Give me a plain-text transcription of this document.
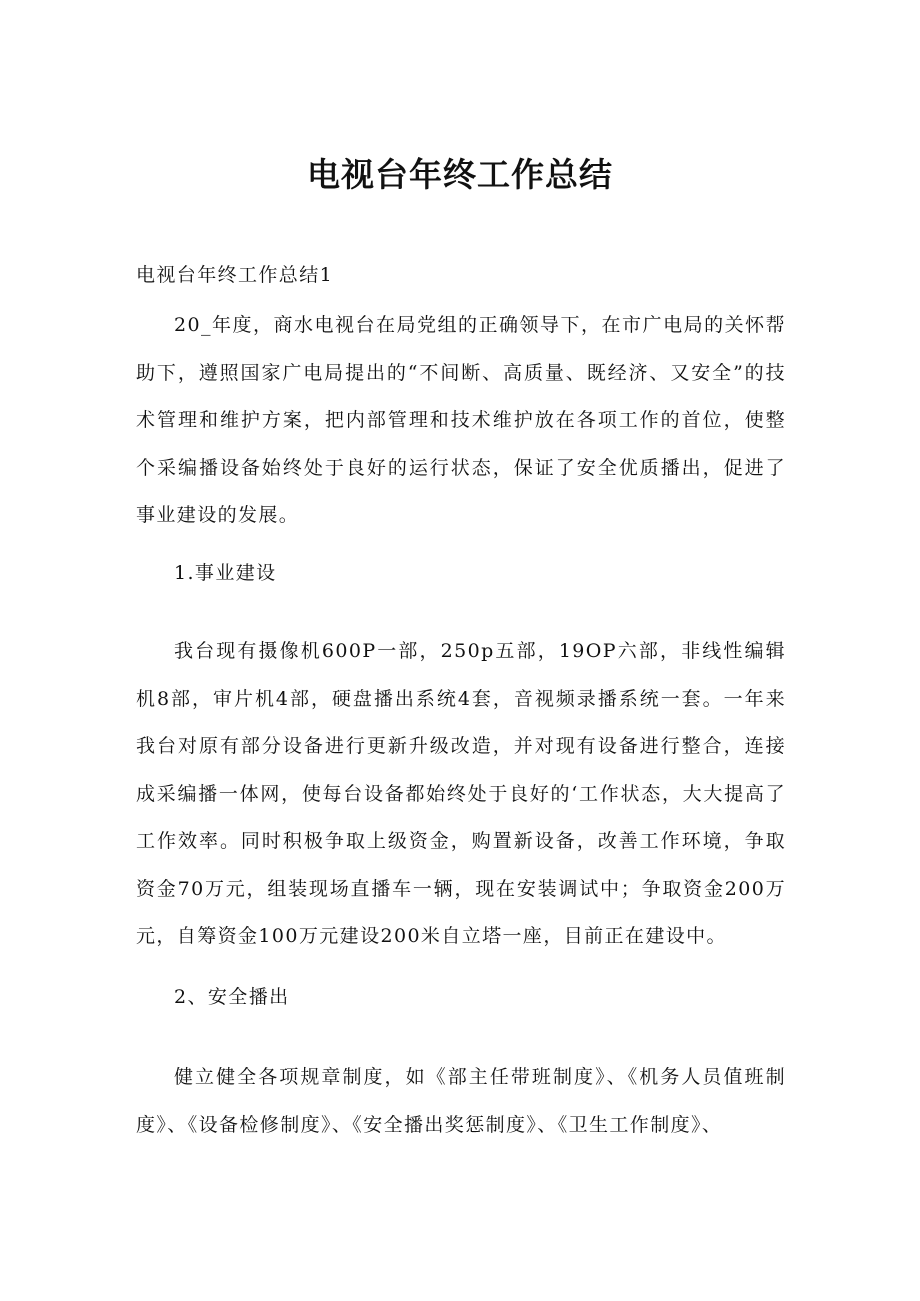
电视台年终工作总结

电视台年终工作总结1

20_年度，商水电视台在局党组的正确领导下，在市广电局的关怀帮助下，遵照国家广电局提出的“不间断、高质量、既经济、又安全”的技术管理和维护方案，把内部管理和技术维护放在各项工作的首位，使整个采编播设备始终处于良好的运行状态，保证了安全优质播出，促进了事业建设的发展。

1.事业建设

我台现有摄像机600P一部，250p五部，19OP六部，非线性编辑机8部，审片机4部，硬盘播出系统4套，音视频录播系统一套。一年来我台对原有部分设备进行更新升级改造，并对现有设备进行整合，连接成采编播一体网，使每台设备都始终处于良好的‘工作状态，大大提高了工作效率。同时积极争取上级资金，购置新设备，改善工作环境，争取资金70万元，组装现场直播车一辆，现在安装调试中；争取资金200万元，自筹资金100万元建设200米自立塔一座，目前正在建设中。

2、安全播出

健立健全各项规章制度，如《部主任带班制度》、《机务人员值班制度》、《设备检修制度》、《安全播出奖惩制度》、《卫生工作制度》、
